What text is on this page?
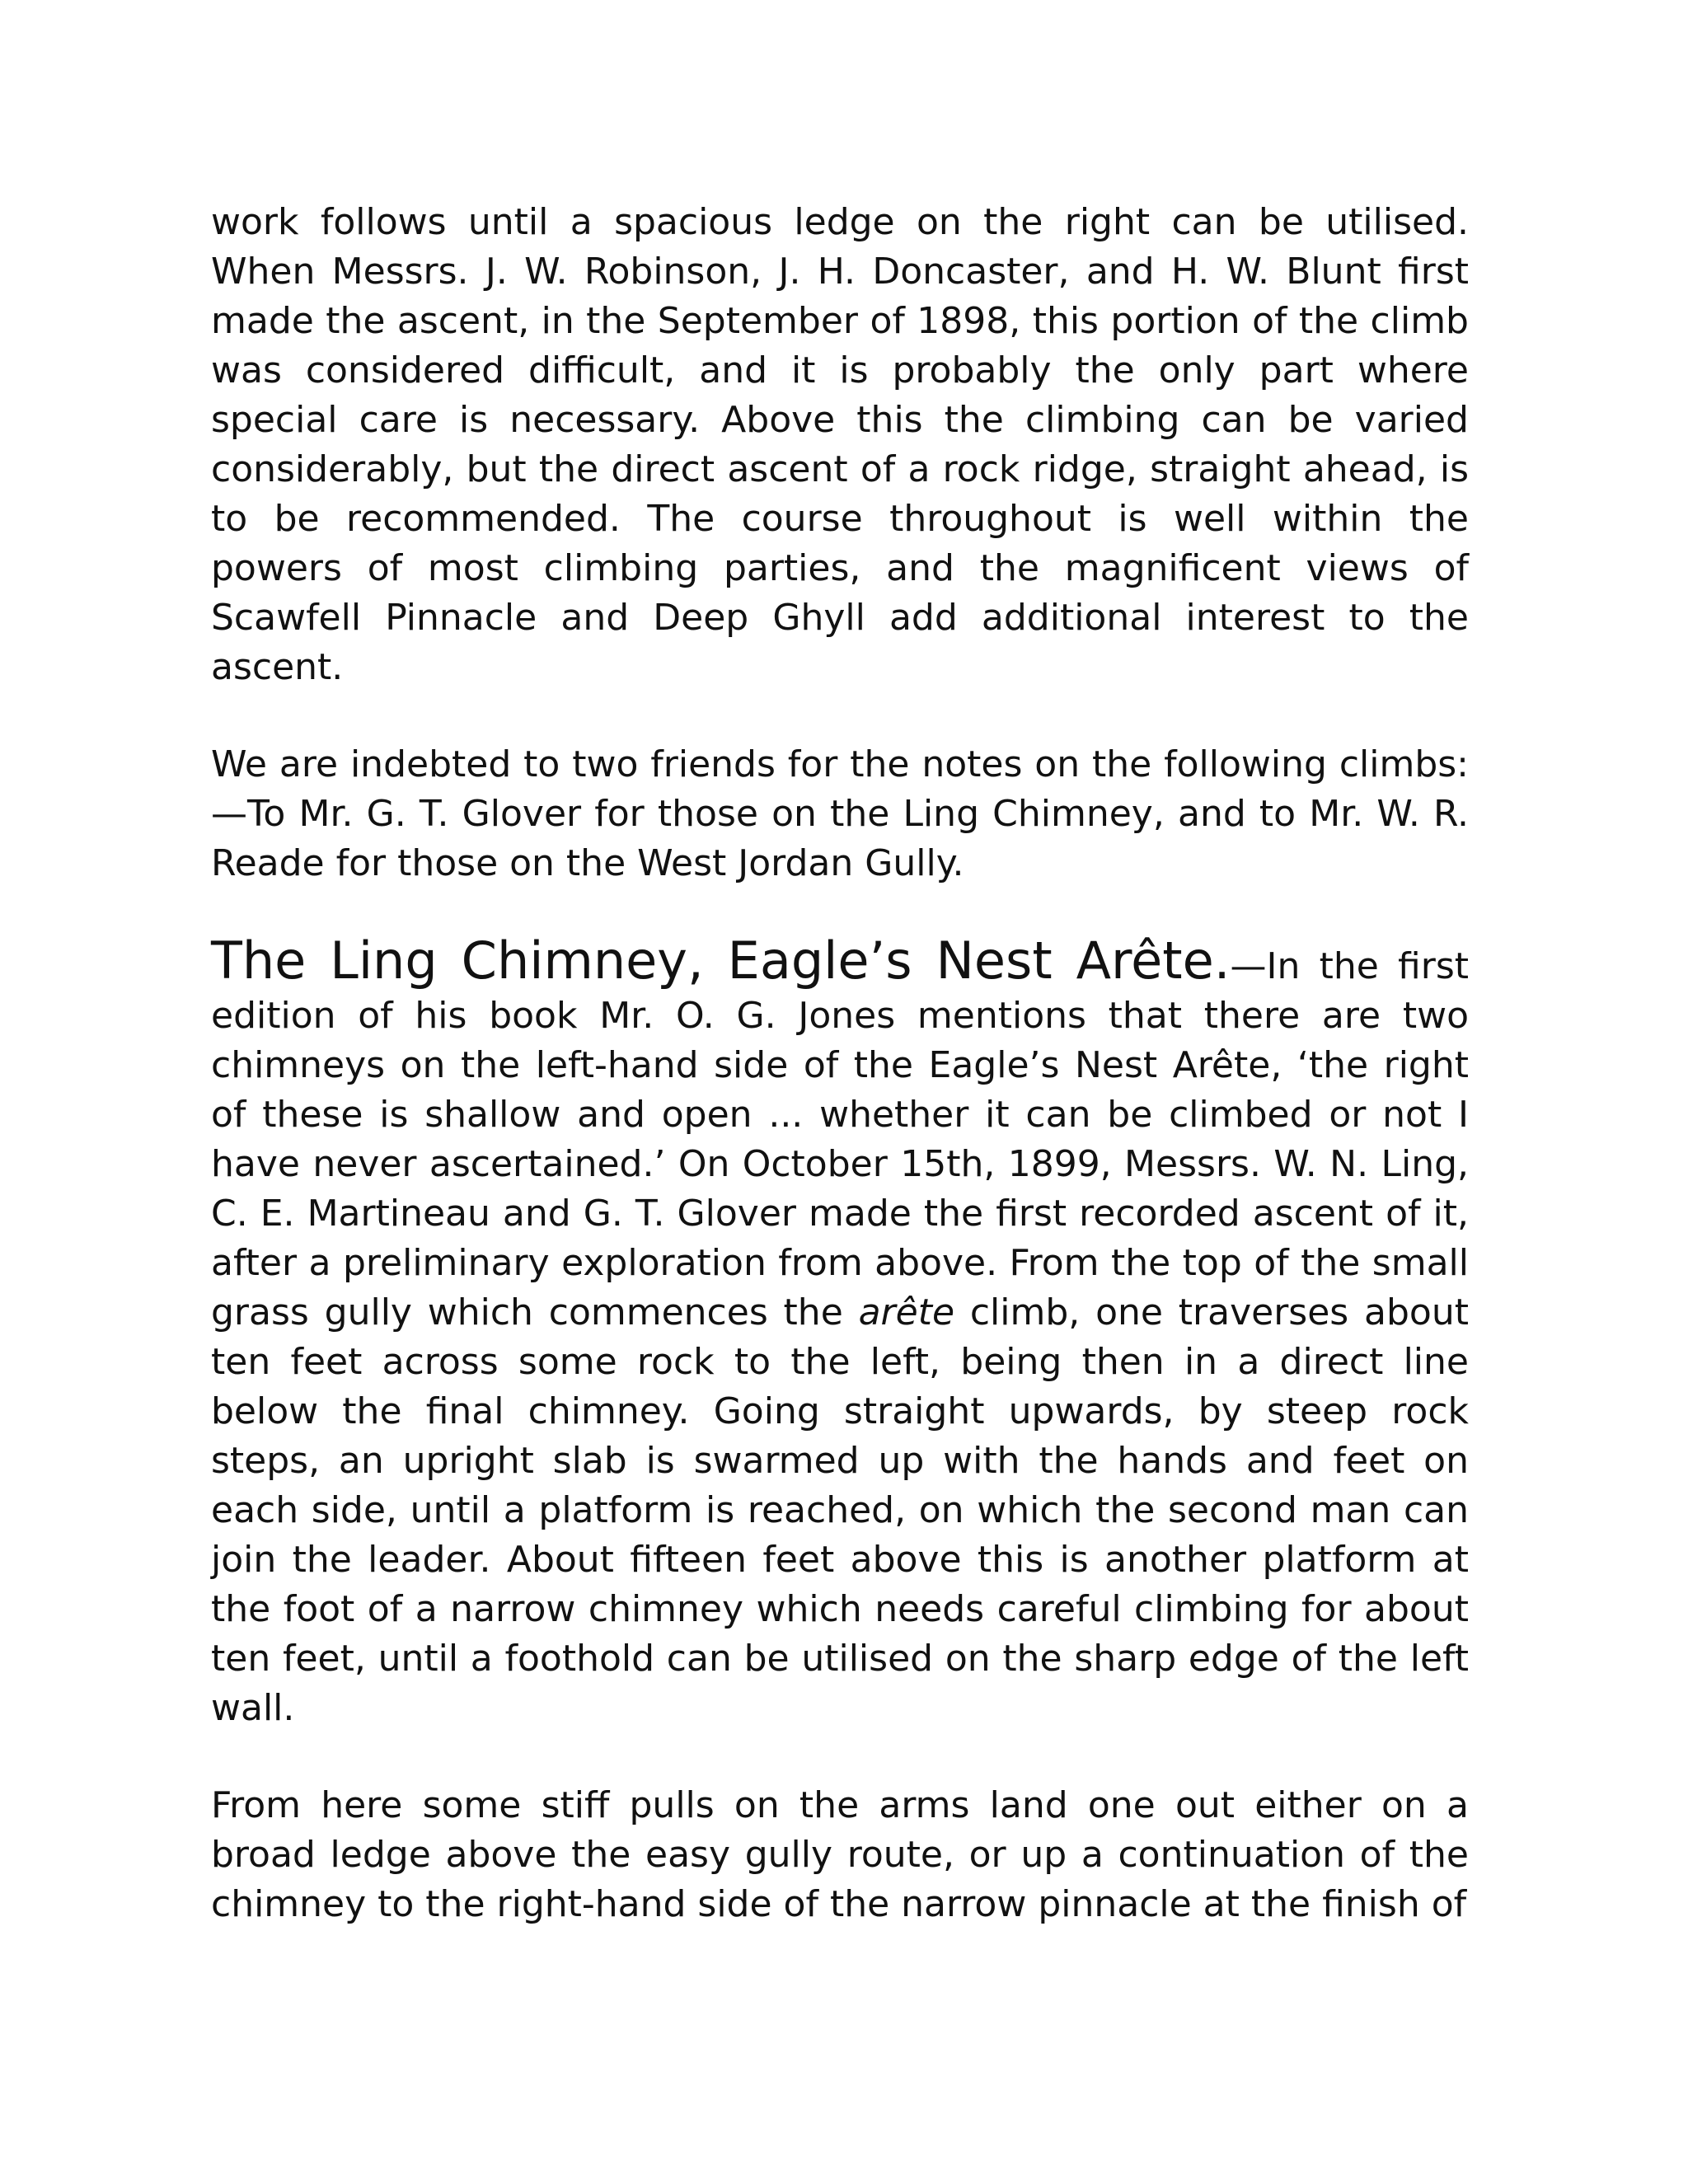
work follows until a spacious ledge on the right can be utilised. When Messrs. J. W. Robinson, J. H. Doncaster, and H. W. Blunt first made the ascent, in the September of 1898, this portion of the climb was considered difficult, and it is probably the only part where special care is necessary. Above this the climbing can be varied considerably, but the direct ascent of a rock ridge, straight ahead, is to be recommended. The course throughout is well within the powers of most climbing parties, and the magnificent views of Scawfell Pinnacle and Deep Ghyll add additional interest to the ascent.

We are indebted to two friends for the notes on the following climbs:—To Mr. G. T. Glover for those on the Ling Chimney, and to Mr. W. R. Reade for those on the West Jordan Gully.

The Ling Chimney, Eagle’s Nest Arête.—In the first edition of his book Mr. O. G. Jones mentions that there are two chimneys on the left-hand side of the Eagle’s Nest Arête, ‘the right of these is shallow and open ... whether it can be climbed or not I have never ascertained.’ On October 15th, 1899, Messrs. W. N. Ling, C. E. Martineau and G. T. Glover made the first recorded ascent of it, after a preliminary exploration from above. From the top of the small grass gully which commences the arête climb, one traverses about ten feet across some rock to the left, being then in a direct line below the final chimney. Going straight upwards, by steep rock steps, an upright slab is swarmed up with the hands and feet on each side, until a platform is reached, on which the second man can join the leader. About fifteen feet above this is another platform at the foot of a narrow chimney which needs careful climbing for about ten feet, until a foothold can be utilised on the sharp edge of the left wall.

From here some stiff pulls on the arms land one out either on a broad ledge above the easy gully route, or up a continuation of the chimney to the right-hand side of the narrow pinnacle at the finish of
